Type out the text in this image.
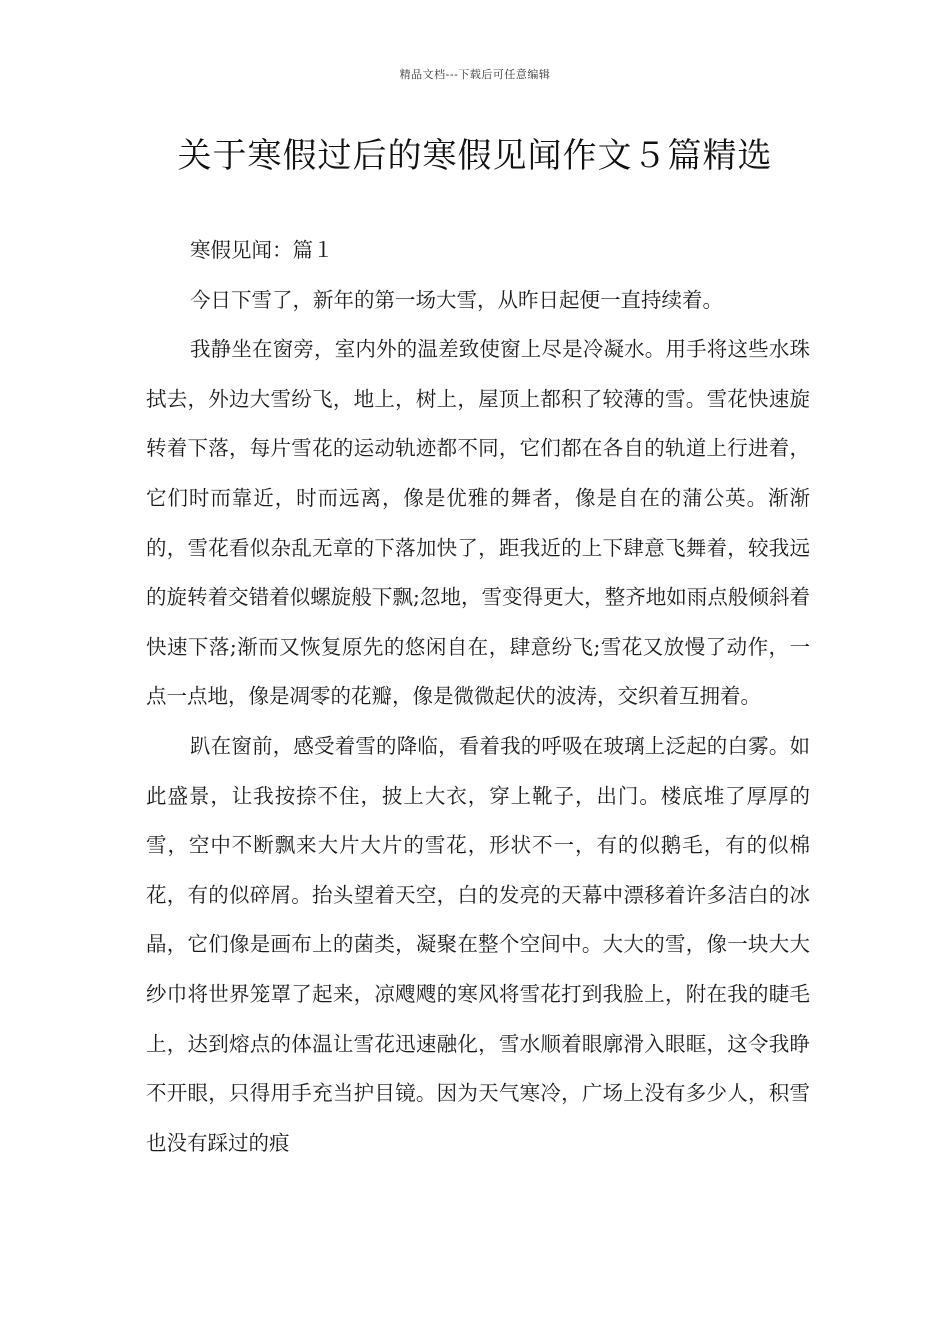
精品文档---下载后可任意编辑
关于寒假过后的寒假见闻作文５篇精选

寒假见闻：篇１

今日下雪了，新年的第一场大雪，从昨日起便一直持续着。

我静坐在窗旁，室内外的温差致使窗上尽是冷凝水。用手将这些水珠拭去，外边大雪纷飞，地上，树上，屋顶上都积了较薄的雪。雪花快速旋转着下落，每片雪花的运动轨迹都不同，它们都在各自的轨道上行进着，它们时而靠近，时而远离，像是优雅的舞者，像是自在的蒲公英。渐渐的，雪花看似杂乱无章的下落加快了，距我近的上下肆意飞舞着，较我远的旋转着交错着似螺旋般下飘;忽地，雪变得更大，整齐地如雨点般倾斜着快速下落;渐而又恢复原先的悠闲自在，肆意纷飞;雪花又放慢了动作，一点一点地，像是凋零的花瓣，像是微微起伏的波涛，交织着互拥着。

趴在窗前，感受着雪的降临，看着我的呼吸在玻璃上泛起的白雾。如此盛景，让我按捺不住，披上大衣，穿上靴子，出门。楼底堆了厚厚的雪，空中不断飘来大片大片的雪花，形状不一，有的似鹅毛，有的似棉花，有的似碎屑。抬头望着天空，白的发亮的天幕中漂移着许多洁白的冰晶，它们像是画布上的菌类，凝聚在整个空间中。大大的雪，像一块大大纱巾将世界笼罩了起来，凉飕飕的寒风将雪花打到我脸上，附在我的睫毛上，达到熔点的体温让雪花迅速融化，雪水顺着眼廓滑入眼眶，这令我睁不开眼，只得用手充当护目镜。因为天气寒冷，广场上没有多少人，积雪也没有踩过的痕
